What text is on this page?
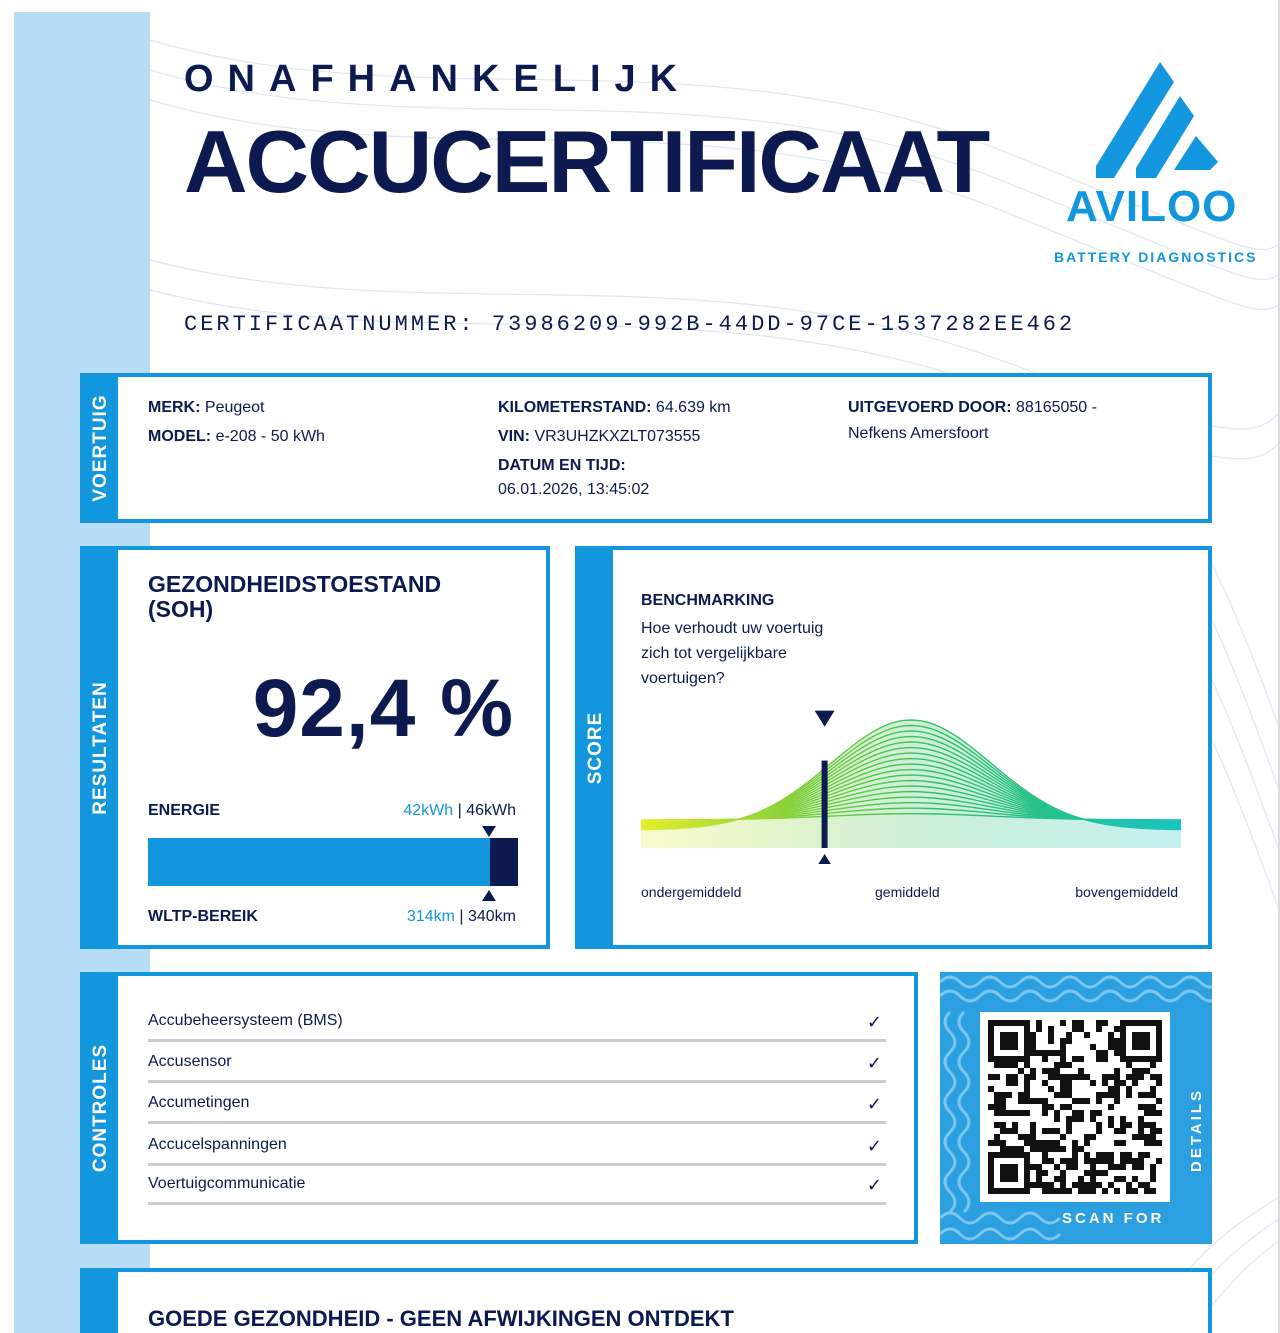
ONAFHANKELIJK
ACCUCERTIFICAAT AVILOO
BATTERY DIAGNOSTICS
CERTIFICAATNUMMER: 73986209-992B-44DD-97CE-1537282EE462
VOERTUIG MERK: Peugeot
MODEL: e-208 - 50 kWh
KILOMETERSTAND: 64.639 km
VIN: VR3UHZKXZLT073555
DATUM EN TIJD:
06.01.2026, 13:45:02
UITGEVOERD DOOR: 88165050 -
Nefkens Amersfoort
RESULTATEN
GEZONDHEIDSTOESTAND
(SOH)
92,4 %
ENERGIE	42kWh | 46kWh
WLTP-BEREIK	314km | 340km
SCORE
BENCHMARKING
Hoe verhoudt uw voertuig zich tot vergelijkbare voertuigen?
ondergemiddeld	gemiddeld	bovengemiddeld
CONTROLES
Accubeheersysteem (BMS)	✓
Accusensor	✓
Accumetingen	✓
Accucelspanningen	✓
Voertuigcommunicatie	✓
SCAN FOR
DETAILS
GOEDE GEZONDHEID - GEEN AFWIJKINGEN ONTDEKT
